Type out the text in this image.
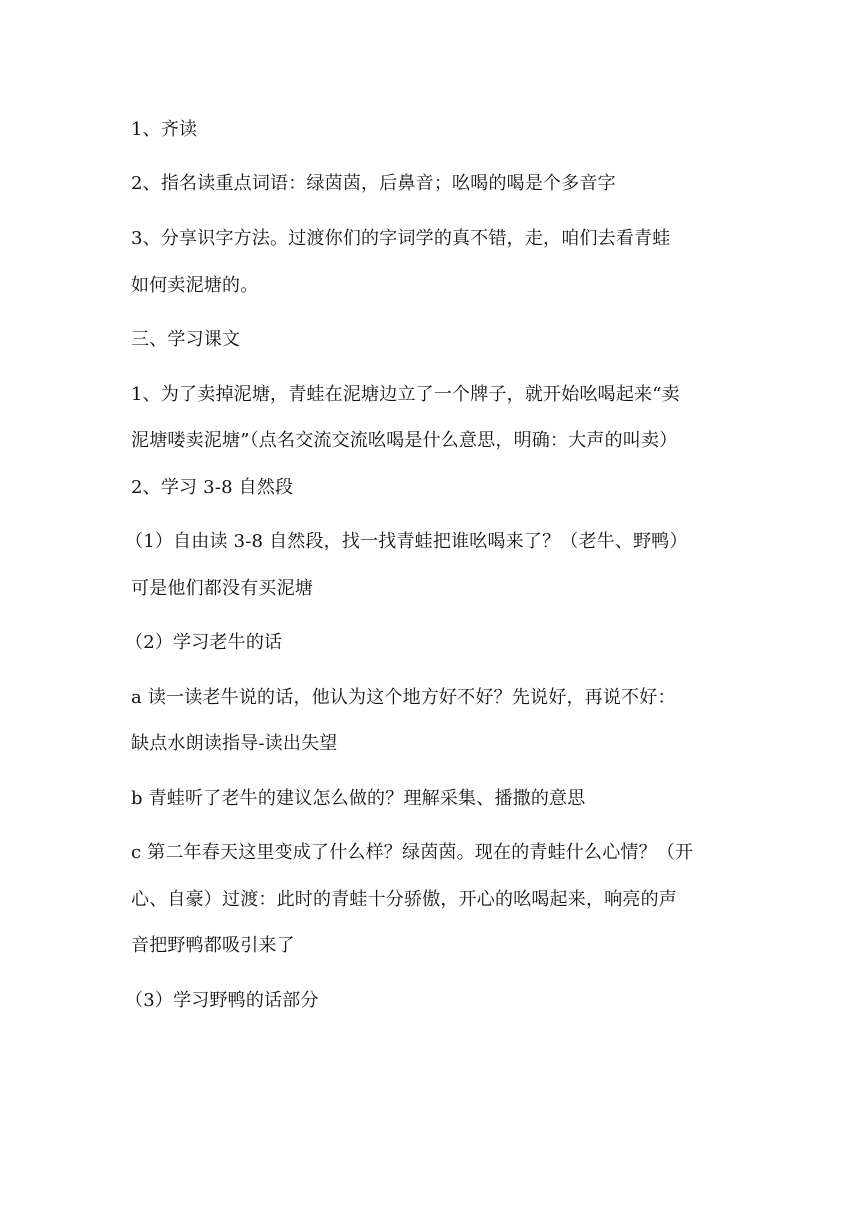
1、齐读
2、指名读重点词语：绿茵茵，后鼻音；吆喝的喝是个多音字
3、分享识字方法。过渡你们的字词学的真不错，走，咱们去看青蛙
如何卖泥塘的。
三、学习课文
1、为了卖掉泥塘，青蛙在泥塘边立了一个牌子，就开始吆喝起来“卖
泥塘喽卖泥塘”（点名交流交流吆喝是什么意思，明确：大声的叫卖）
2、学习 3-8 自然段
（1）自由读 3-8 自然段，找一找青蛙把谁吆喝来了？（老牛、野鸭）
可是他们都没有买泥塘
（2）学习老牛的话
a 读一读老牛说的话，他认为这个地方好不好？先说好，再说不好：
缺点水朗读指导-读出失望
b 青蛙听了老牛的建议怎么做的？理解采集、播撒的意思
c 第二年春天这里变成了什么样？绿茵茵。现在的青蛙什么心情？（开
心、自豪）过渡：此时的青蛙十分骄傲，开心的吆喝起来，响亮的声
音把野鸭都吸引来了
（3）学习野鸭的话部分
